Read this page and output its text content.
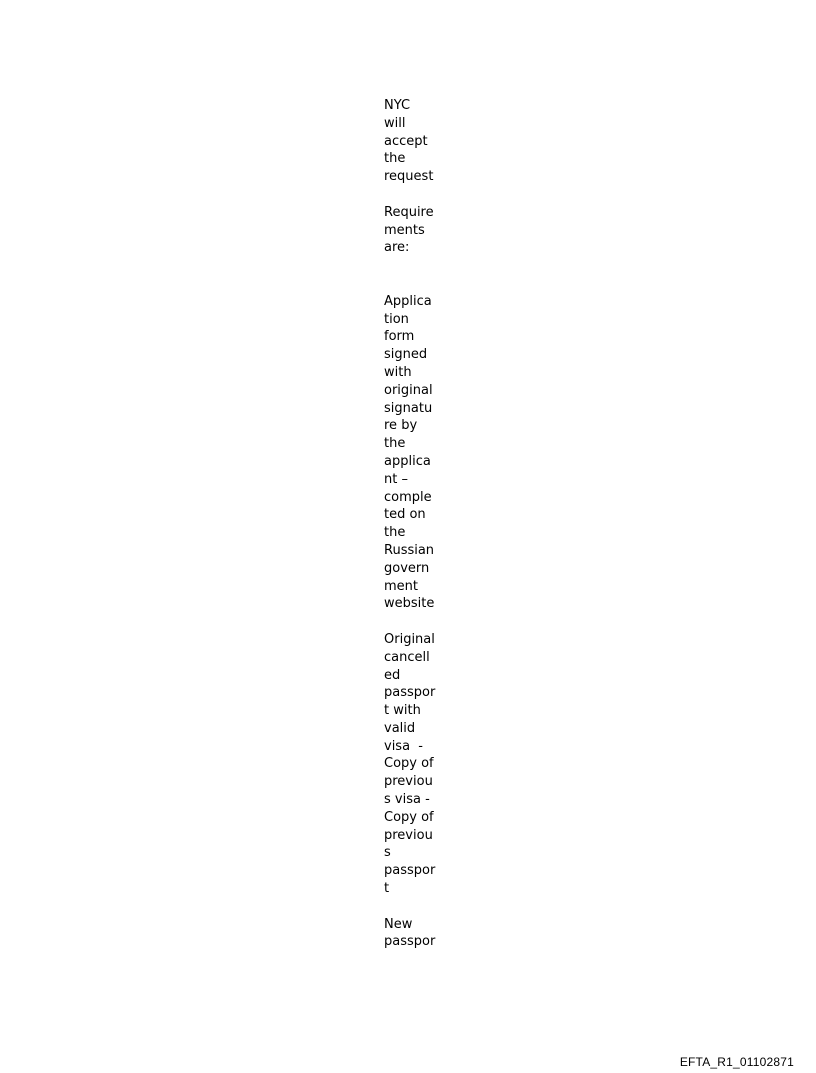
NYC
will
accept
the
request

Require
ments
are:

Applica
tion
form
signed
with
original
signatu
re by
the
applica
nt –
comple
ted on
the
Russian
govern
ment
website

Original
cancell
ed
passpor
t with
valid
visa  -
Copy of
previou
s visa -
Copy of
previou
s
passpor
t

New
passpor

EFTA_R1_01102871
